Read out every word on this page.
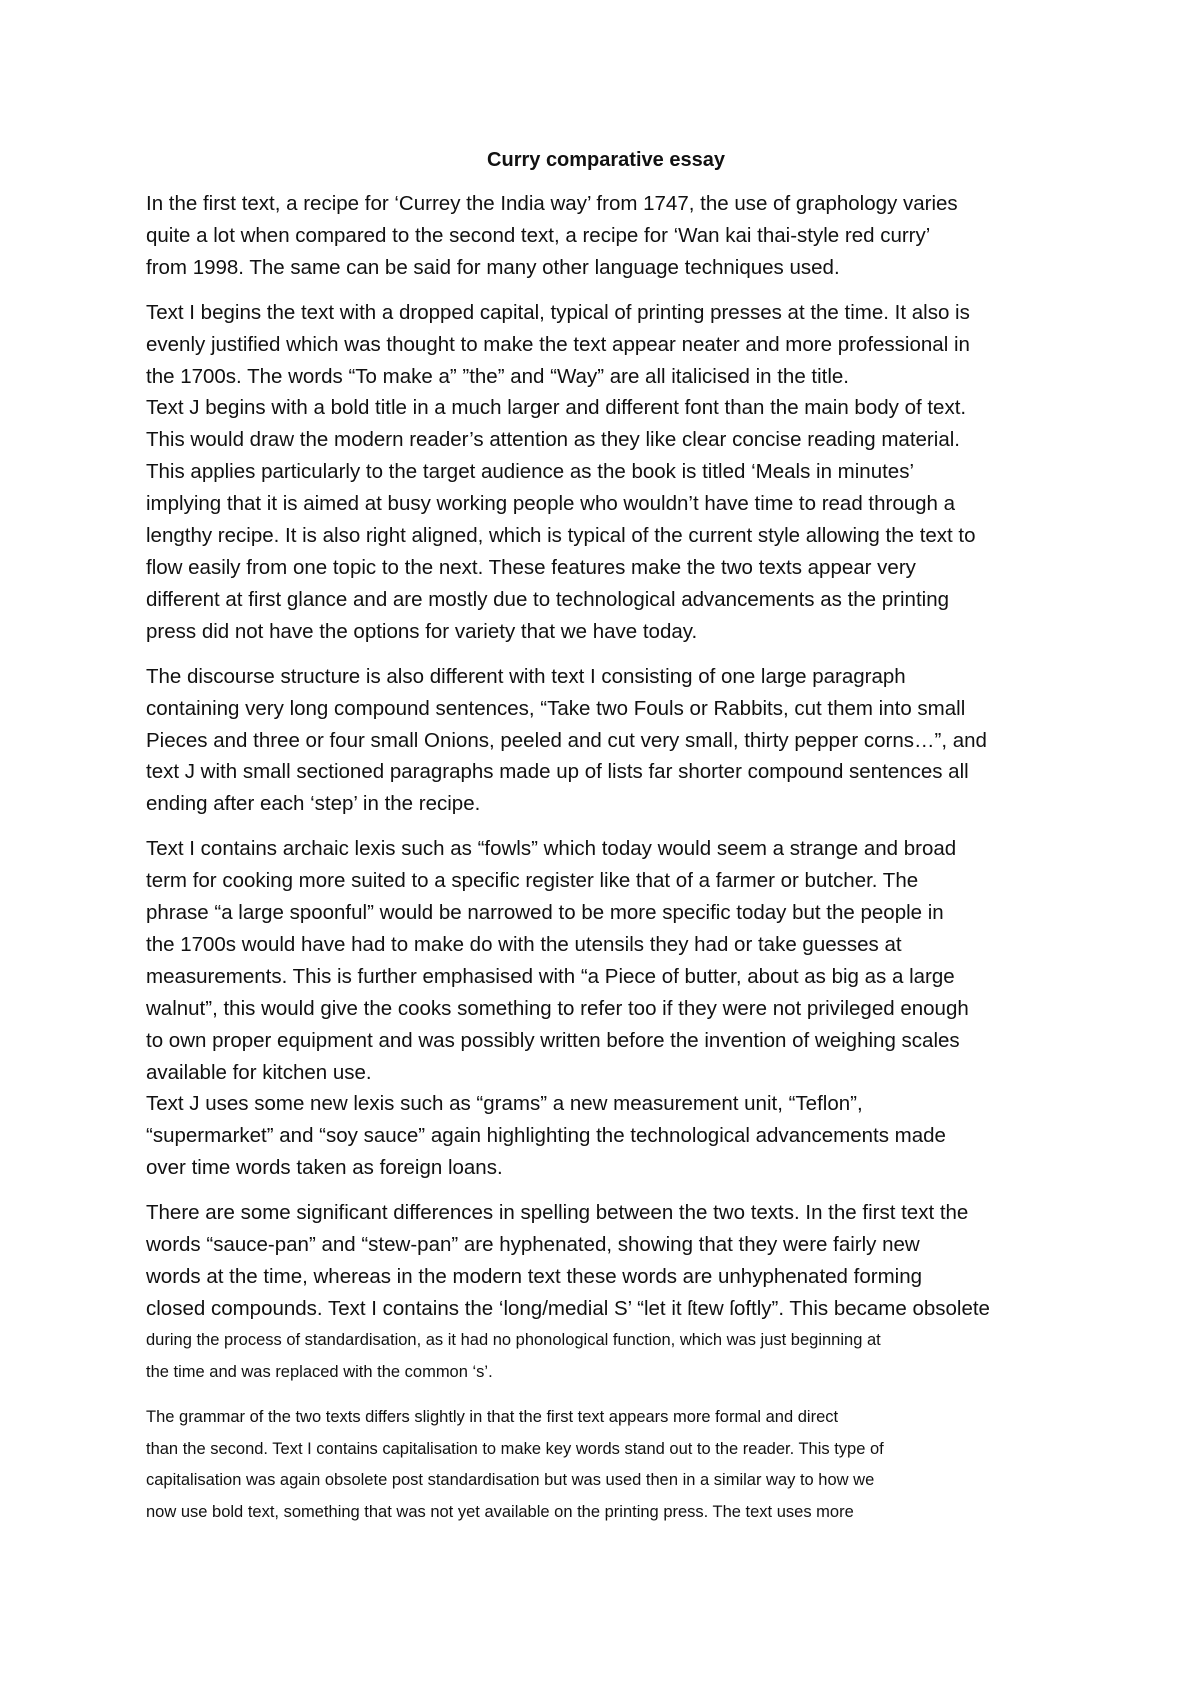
Curry comparative essay
In the first text, a recipe for ‘Currey the India way’ from 1747, the use of graphology varies
quite a lot when compared to the second text, a recipe for ‘Wan kai thai-style red curry’
from 1998. The same can be said for many other language techniques used.
Text I begins the text with a dropped capital, typical of printing presses at the time. It also is
evenly justified which was thought to make the text appear neater and more professional in
the 1700s. The words “To make a” ”the” and “Way” are all italicised in the title.
Text J begins with a bold title in a much larger and different font than the main body of text.
This would draw the modern reader’s attention as they like clear concise reading material.
This applies particularly to the target audience as the book is titled ‘Meals in minutes’
implying that it is aimed at busy working people who wouldn’t have time to read through a
lengthy recipe. It is also right aligned, which is typical of the current style allowing the text to
flow easily from one topic to the next. These features make the two texts appear very
different at first glance and are mostly due to technological advancements as the printing
press did not have the options for variety that we have today.
The discourse structure is also different with text I consisting of one large paragraph
containing very long compound sentences, “Take two Fouls or Rabbits, cut them into small
Pieces and three or four small Onions, peeled and cut very small, thirty pepper corns…”, and
text J with small sectioned paragraphs made up of lists far shorter compound sentences all
ending after each ‘step’ in the recipe.
Text I contains archaic lexis such as “fowls” which today would seem a strange and broad
term for cooking more suited to a specific register like that of a farmer or butcher. The
phrase “a large spoonful” would be narrowed to be more specific today but the people in
the 1700s would have had to make do with the utensils they had or take guesses at
measurements. This is further emphasised with “a Piece of butter, about as big as a large
walnut”, this would give the cooks something to refer too if they were not privileged enough
to own proper equipment and was possibly written before the invention of weighing scales
available for kitchen use.
Text J uses some new lexis such as “grams” a new measurement unit, “Teflon”,
“supermarket” and “soy sauce” again highlighting the technological advancements made
over time words taken as foreign loans.
There are some significant differences in spelling between the two texts. In the first text the
words “sauce-pan” and “stew-pan” are hyphenated, showing that they were fairly new
words at the time, whereas in the modern text these words are unhyphenated forming
closed compounds. Text I contains the ‘long/medial S’ “let it ſtew ſoftly”. This became obsolete
during the process of standardisation, as it had no phonological function, which was just beginning at
the time and was replaced with the common ‘s’.
The grammar of the two texts differs slightly in that the first text appears more formal and direct
than the second. Text I contains capitalisation to make key words stand out to the reader. This type of
capitalisation was again obsolete post standardisation but was used then in a similar way to how we
now use bold text, something that was not yet available on the printing press. The text uses more
